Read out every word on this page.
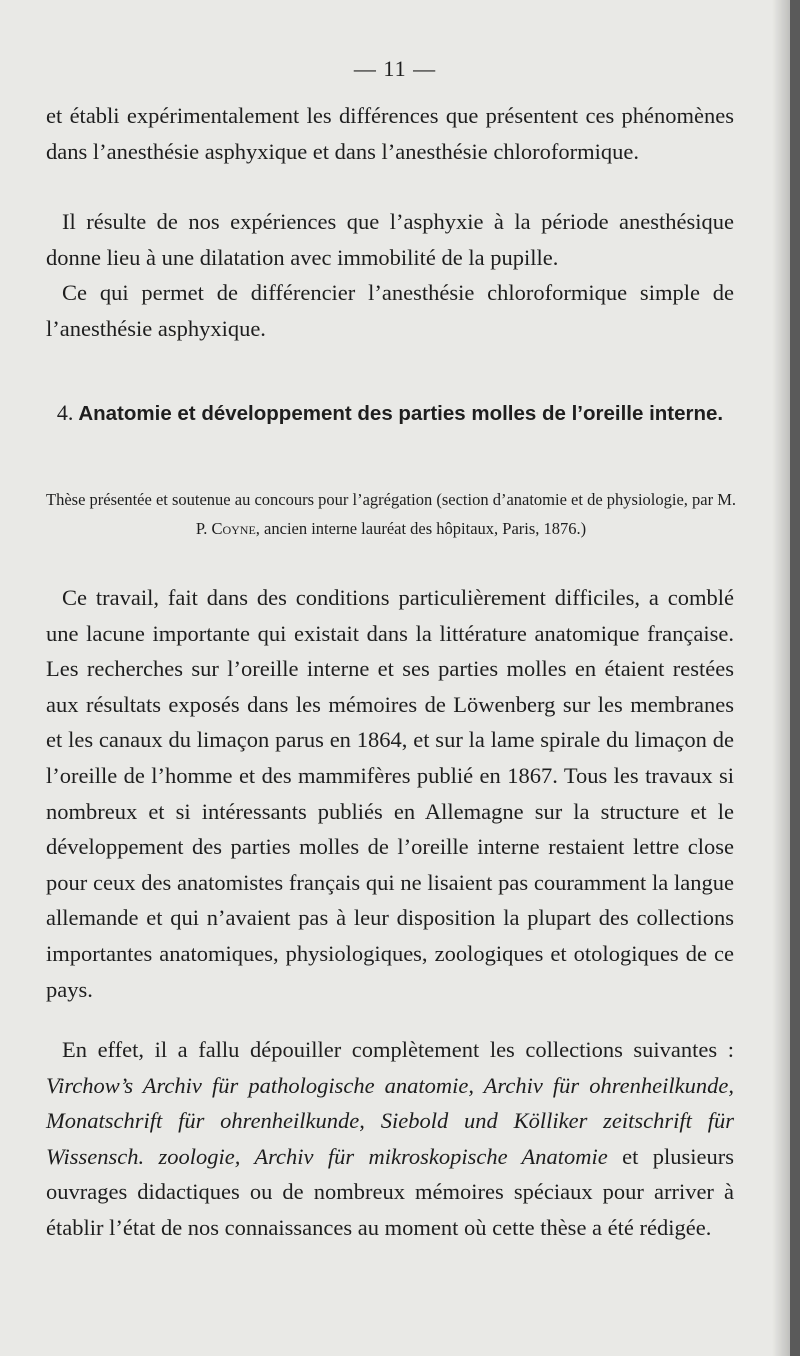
— 11 —

et établi expérimentalement les différences que présentent ces phénomènes dans l’anesthésie asphyxique et dans l’anesthésie chloroformique.

Il résulte de nos expériences que l’asphyxie à la période anesthésique donne lieu à une dilatation avec immobilité de la pupille.

Ce qui permet de différencier l’anesthésie chloroformique simple de l’anesthésie asphyxique.

4. Anatomie et développement des parties molles de l’oreille interne.

Thèse présentée et soutenue au concours pour l’agrégation (section d’anatomie et de physiologie, par M. P. Coyne, ancien interne lauréat des hôpitaux, Paris, 1876.)

Ce travail, fait dans des conditions particulièrement difficiles, a comblé une lacune importante qui existait dans la littérature anatomique française. Les recherches sur l’oreille interne et ses parties molles en étaient restées aux résultats exposés dans les mémoires de Löwenberg sur les membranes et les canaux du limaçon parus en 1864, et sur la lame spirale du limaçon de l’oreille de l’homme et des mammifères publié en 1867. Tous les travaux si nombreux et si intéressants publiés en Allemagne sur la structure et le développement des parties molles de l’oreille interne restaient lettre close pour ceux des anatomistes français qui ne lisaient pas couramment la langue allemande et qui n’avaient pas à leur disposition la plupart des collections importantes anatomiques, physiologiques, zoologiques et otologiques de ce pays.

En effet, il a fallu dépouiller complètement les collections suivantes : Virchow’s Archiv für pathologische anatomie, Archiv für ohrenheilkunde, Monatschrift für ohrenheilkunde, Siebold und Kölliker zeitschrift für Wissensch. zoologie, Archiv für mikroskopische Anatomie et plusieurs ouvrages didactiques ou de nombreux mémoires spéciaux pour arriver à établir l’état de nos connaissances au moment où cette thèse a été rédigée.
